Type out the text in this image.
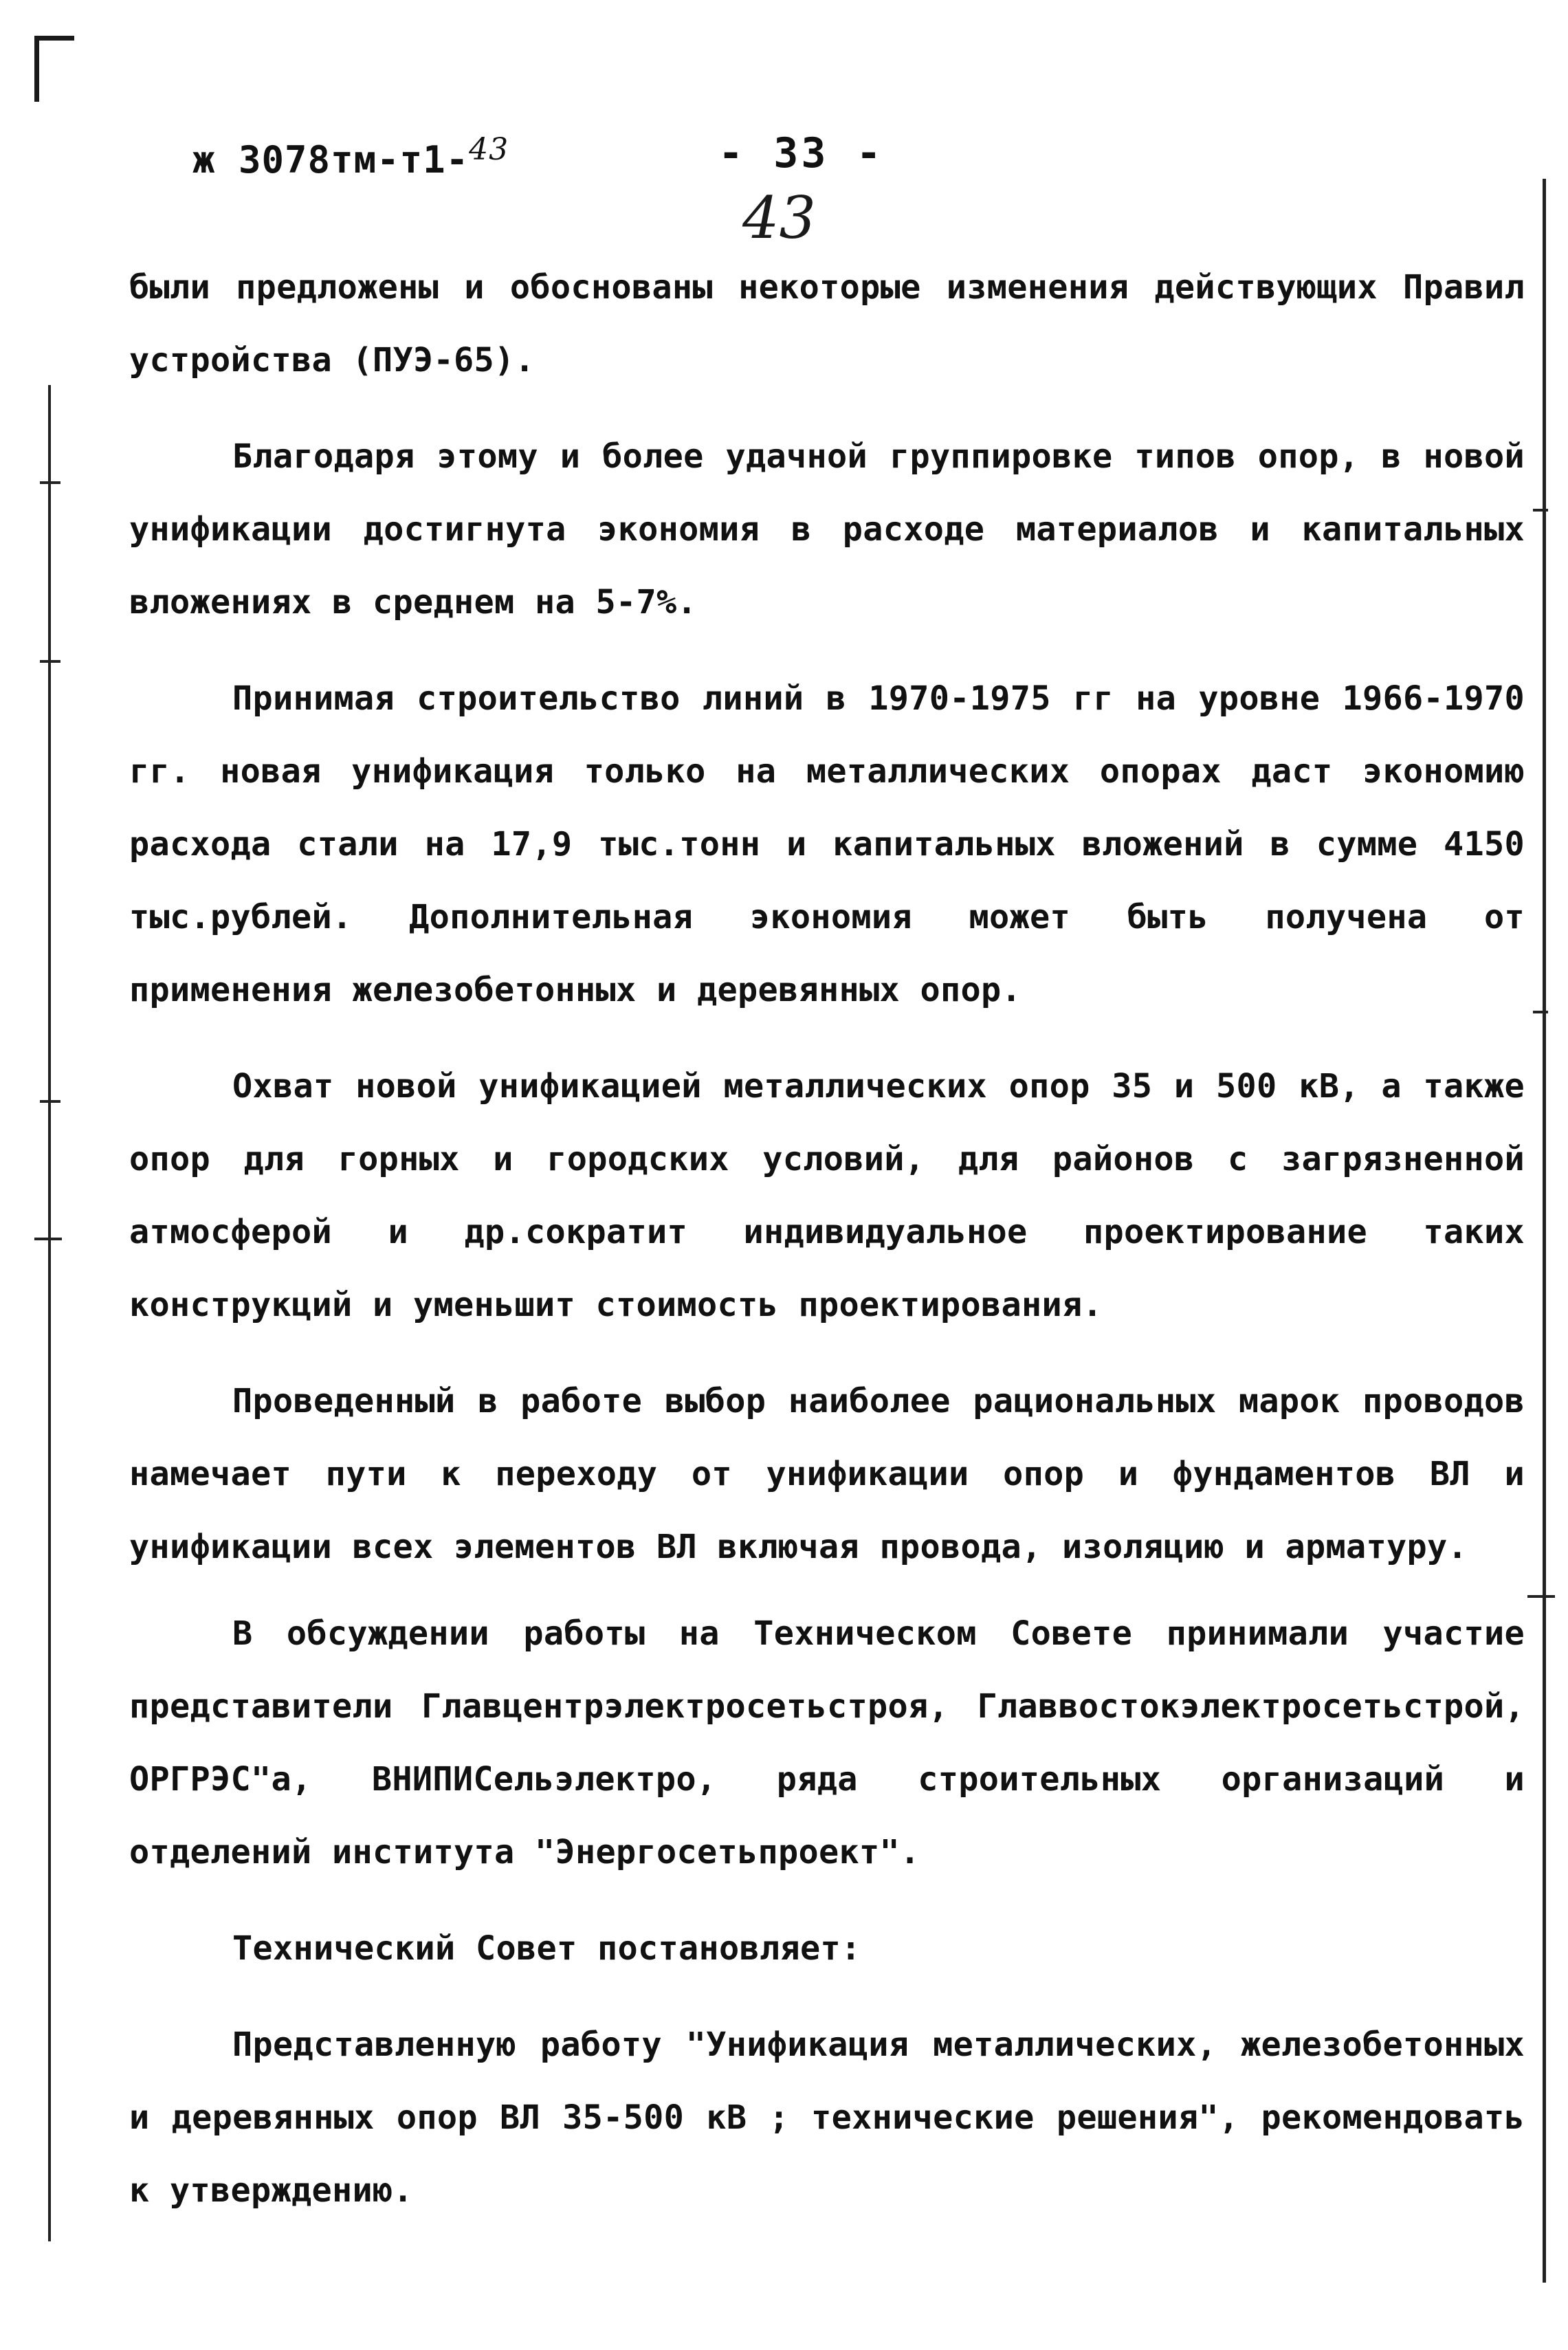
ж 3078тм-т1-$^{43}$	- 33 -
43

были предложены и обоснованы некоторые изменения действующих Правил устройства (ПУЭ-65).

Благодаря этому и более удачной группировке типов опор, в новой унификации достигнута экономия в расходе материалов и капитальных вложениях в среднем на 5-7%.

Принимая строительство линий в 1970-1975 гг на уровне 1966-1970 гг. новая унификация только на металлических опорах даст экономию расхода стали на 17,9 тыс.тонн и капитальных вложений в сумме 4150 тыс.рублей. Дополнительная экономия может быть получена от применения железобетонных и деревянных опор.

Охват новой унификацией металлических опор 35 и 500 кВ, а также опор для горных и городских условий, для районов с загрязненной атмосферой и др.сократит индивидуальное проектирование таких конструкций и уменьшит стоимость проектирования.

Проведенный в работе выбор наиболее рациональных марок проводов намечает пути к переходу от унификации опор и фундаментов ВЛ и унификации всех элементов ВЛ включая провода, изоляцию и арматуру.

В обсуждении работы на Техническом Совете принимали участие представители Главцентрэлектросетьстроя, Главвостокэлектросетьстрой, ОРГРЭС"а, ВНИПИСельэлектро, ряда строительных организаций и отделений института "Энергосетьпроект".

Технический Совет постановляет:

Представленную работу "Унификация металлических, железобетонных и деревянных опор ВЛ 35-500 кВ ; технические решения", рекомендовать к утверждению.
